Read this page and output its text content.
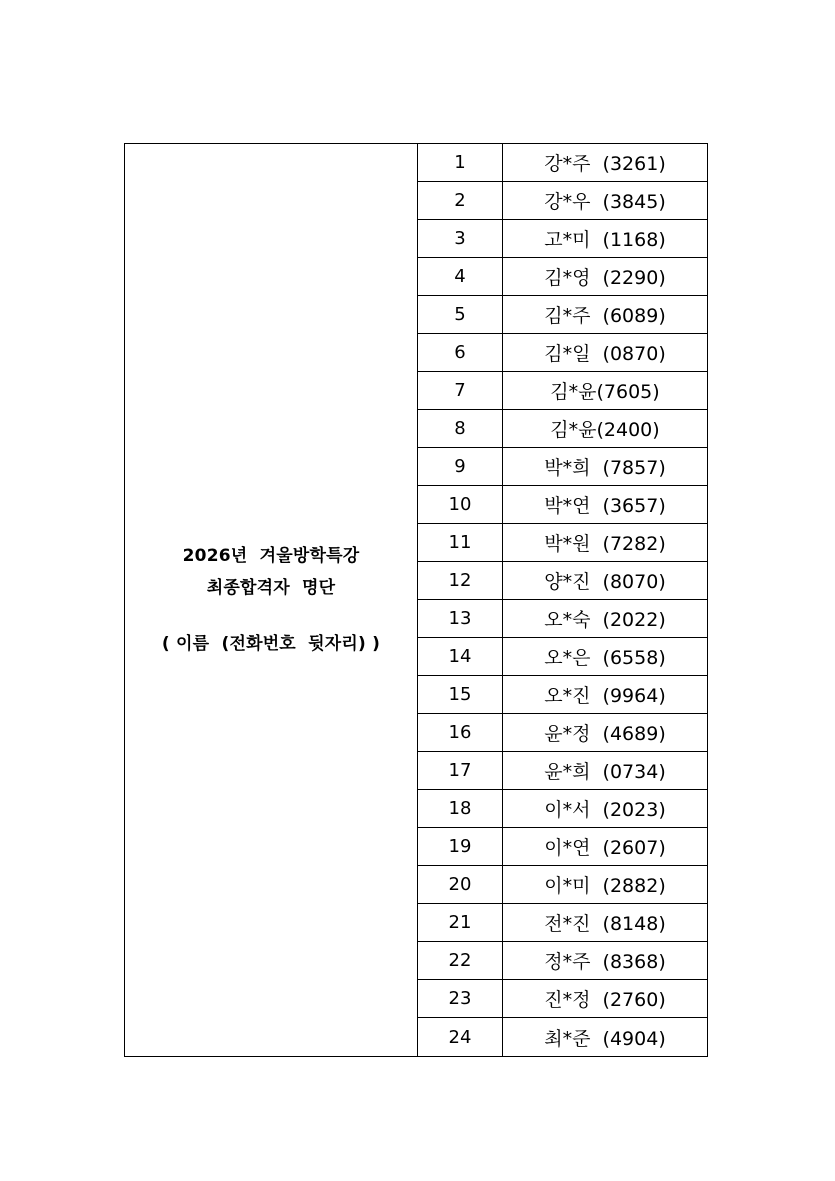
2026년  겨울방학특강
최종합격자  명단
( 이름  (전화번호  뒷자리) )
1	강*주  (3261)
2	강*우  (3845)
3	고*미  (1168)
4	김*영  (2290)
5	김*주  (6089)
6	김*일  (0870)
7	김*윤(7605)
8	김*윤(2400)
9	박*희  (7857)
10	박*연  (3657)
11	박*원  (7282)
12	양*진  (8070)
13	오*숙  (2022)
14	오*은  (6558)
15	오*진  (9964)
16	윤*정  (4689)
17	윤*희  (0734)
18	이*서  (2023)
19	이*연  (2607)
20	이*미  (2882)
21	전*진  (8148)
22	정*주  (8368)
23	진*정  (2760)
24	최*준  (4904)
